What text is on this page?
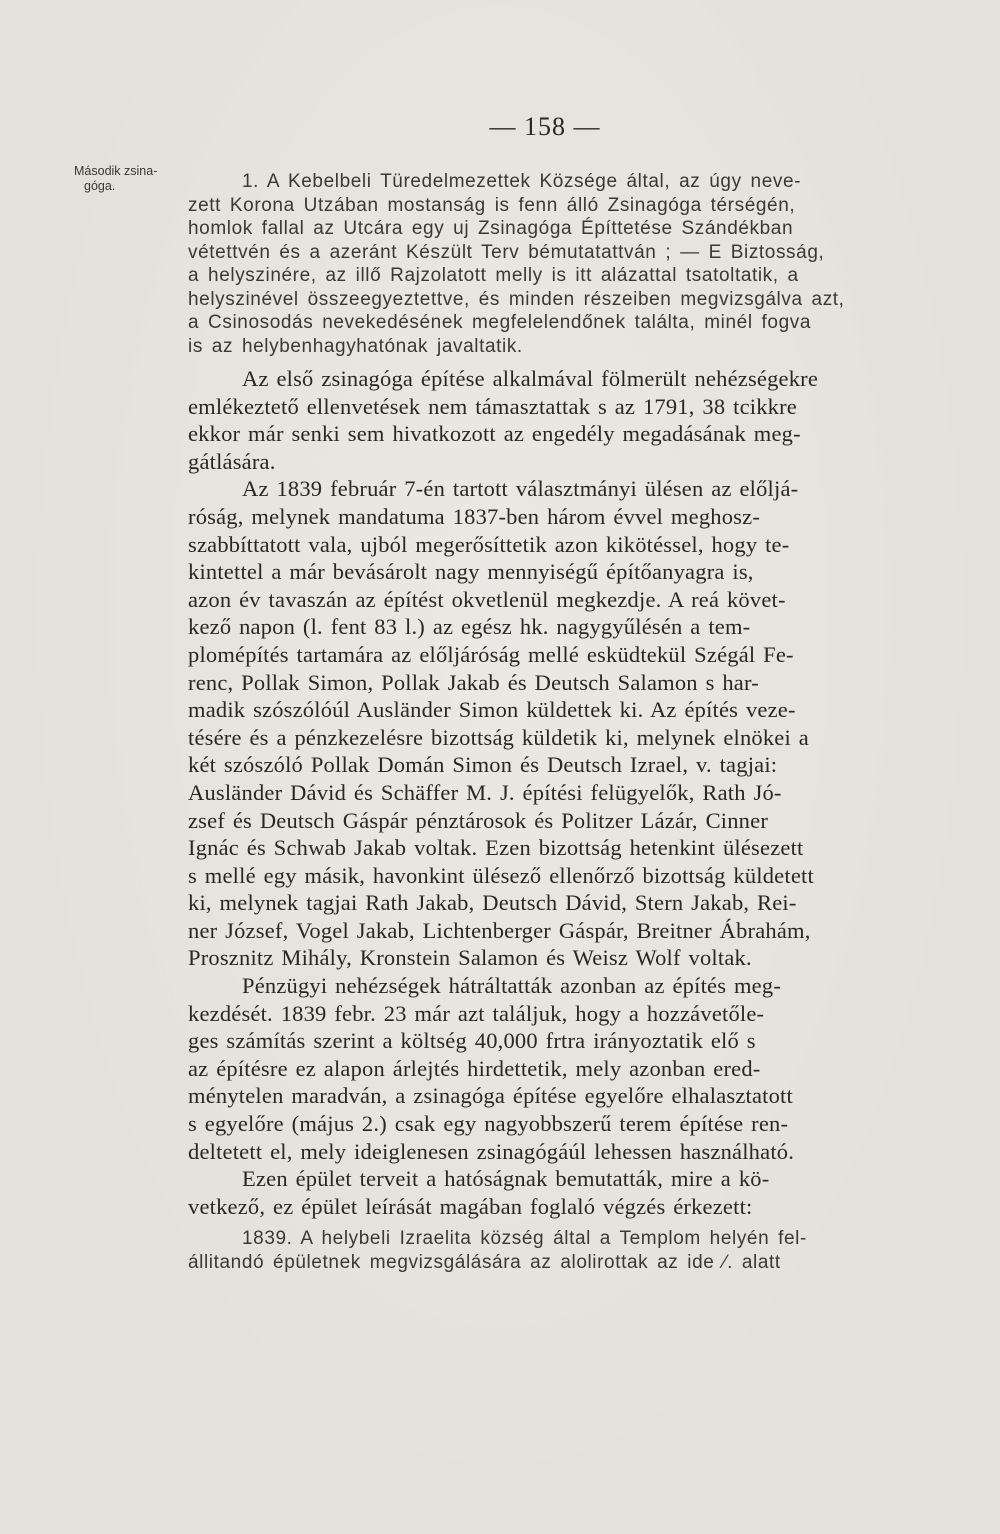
— 158 —
Második zsina-
góga.	1. A Kebelbeli Türedelmezettek Községe által, az úgy neve-
zett Korona Utzában mostanság is fenn álló Zsinagóga térségén,
homlok fallal az Utcára egy uj Zsinagóga Építtetése Szándékban
vétettvén és a azeránt Készült Terv bémutatattván ; — E Biztosság,
a helyszinére, az illő Rajzolatott melly is itt alázattal tsatoltatik, a
helyszinével összeegyeztettve, és minden részeiben megvizsgálva azt,
a Csinosodás nevekedésének megfelelendőnek találta, minél fogva
is az helybenhagyhatónak javaltatik.

Az első zsinagóga építése alkalmával fölmerült nehézségekre
emlékeztető ellenvetések nem támasztattak s az 1791, 38 tcikkre
ekkor már senki sem hivatkozott az engedély megadásának meg-
gátlására.

Az 1839 február 7-én tartott választmányi ülésen az előljá-
róság, melynek mandatuma 1837-ben három évvel meghosz-
szabbíttatott vala, ujból megerősíttetik azon kikötéssel, hogy te-
kintettel a már bevásárolt nagy mennyiségű építőanyagra is,
azon év tavaszán az építést okvetlenül megkezdje. A reá követ-
kező napon (l. fent 83 l.) az egész hk. nagygyűlésén a tem-
plomépítés tartamára az előljáróság mellé esküdtekül Szégál Fe-
renc, Pollak Simon, Pollak Jakab és Deutsch Salamon s har-
madik szószólóúl Ausländer Simon küldettek ki. Az építés veze-
tésére és a pénzkezelésre bizottság küldetik ki, melynek elnökei a
két szószóló Pollak Domán Simon és Deutsch Izrael, v. tagjai:
Ausländer Dávid és Schäffer M. J. építési felügyelők, Rath Jó-
zsef és Deutsch Gáspár pénztárosok és Politzer Lázár, Cinner
Ignác és Schwab Jakab voltak. Ezen bizottság hetenkint ülésezett
s mellé egy másik, havonkint ülésező ellenőrző bizottság küldetett
ki, melynek tagjai Rath Jakab, Deutsch Dávid, Stern Jakab, Rei-
ner József, Vogel Jakab, Lichtenberger Gáspár, Breitner Ábrahám,
Prosznitz Mihály, Kronstein Salamon és Weisz Wolf voltak.

Pénzügyi nehézségek hátráltatták azonban az építés meg-
kezdését. 1839 febr. 23 már azt találjuk, hogy a hozzávetőle-
ges számítás szerint a költség 40,000 frtra irányoztatik elő s
az építésre ez alapon árlejtés hirdettetik, mely azonban ered-
ménytelen maradván, a zsinagóga építése egyelőre elhalasztatott
s egyelőre (május 2.) csak egy nagyobbszerű terem építése ren-
deltetett el, mely ideiglenesen zsinagógáúl lehessen használható.

Ezen épület terveit a hatóságnak bemutatták, mire a kö-
vetkező, ez épület leírását magában foglaló végzés érkezett:

1839. A helybeli Izraelita község által a Templom helyén fel-
állitandó épületnek megvizsgálására az alolirottak az ide ⁄. alatt
